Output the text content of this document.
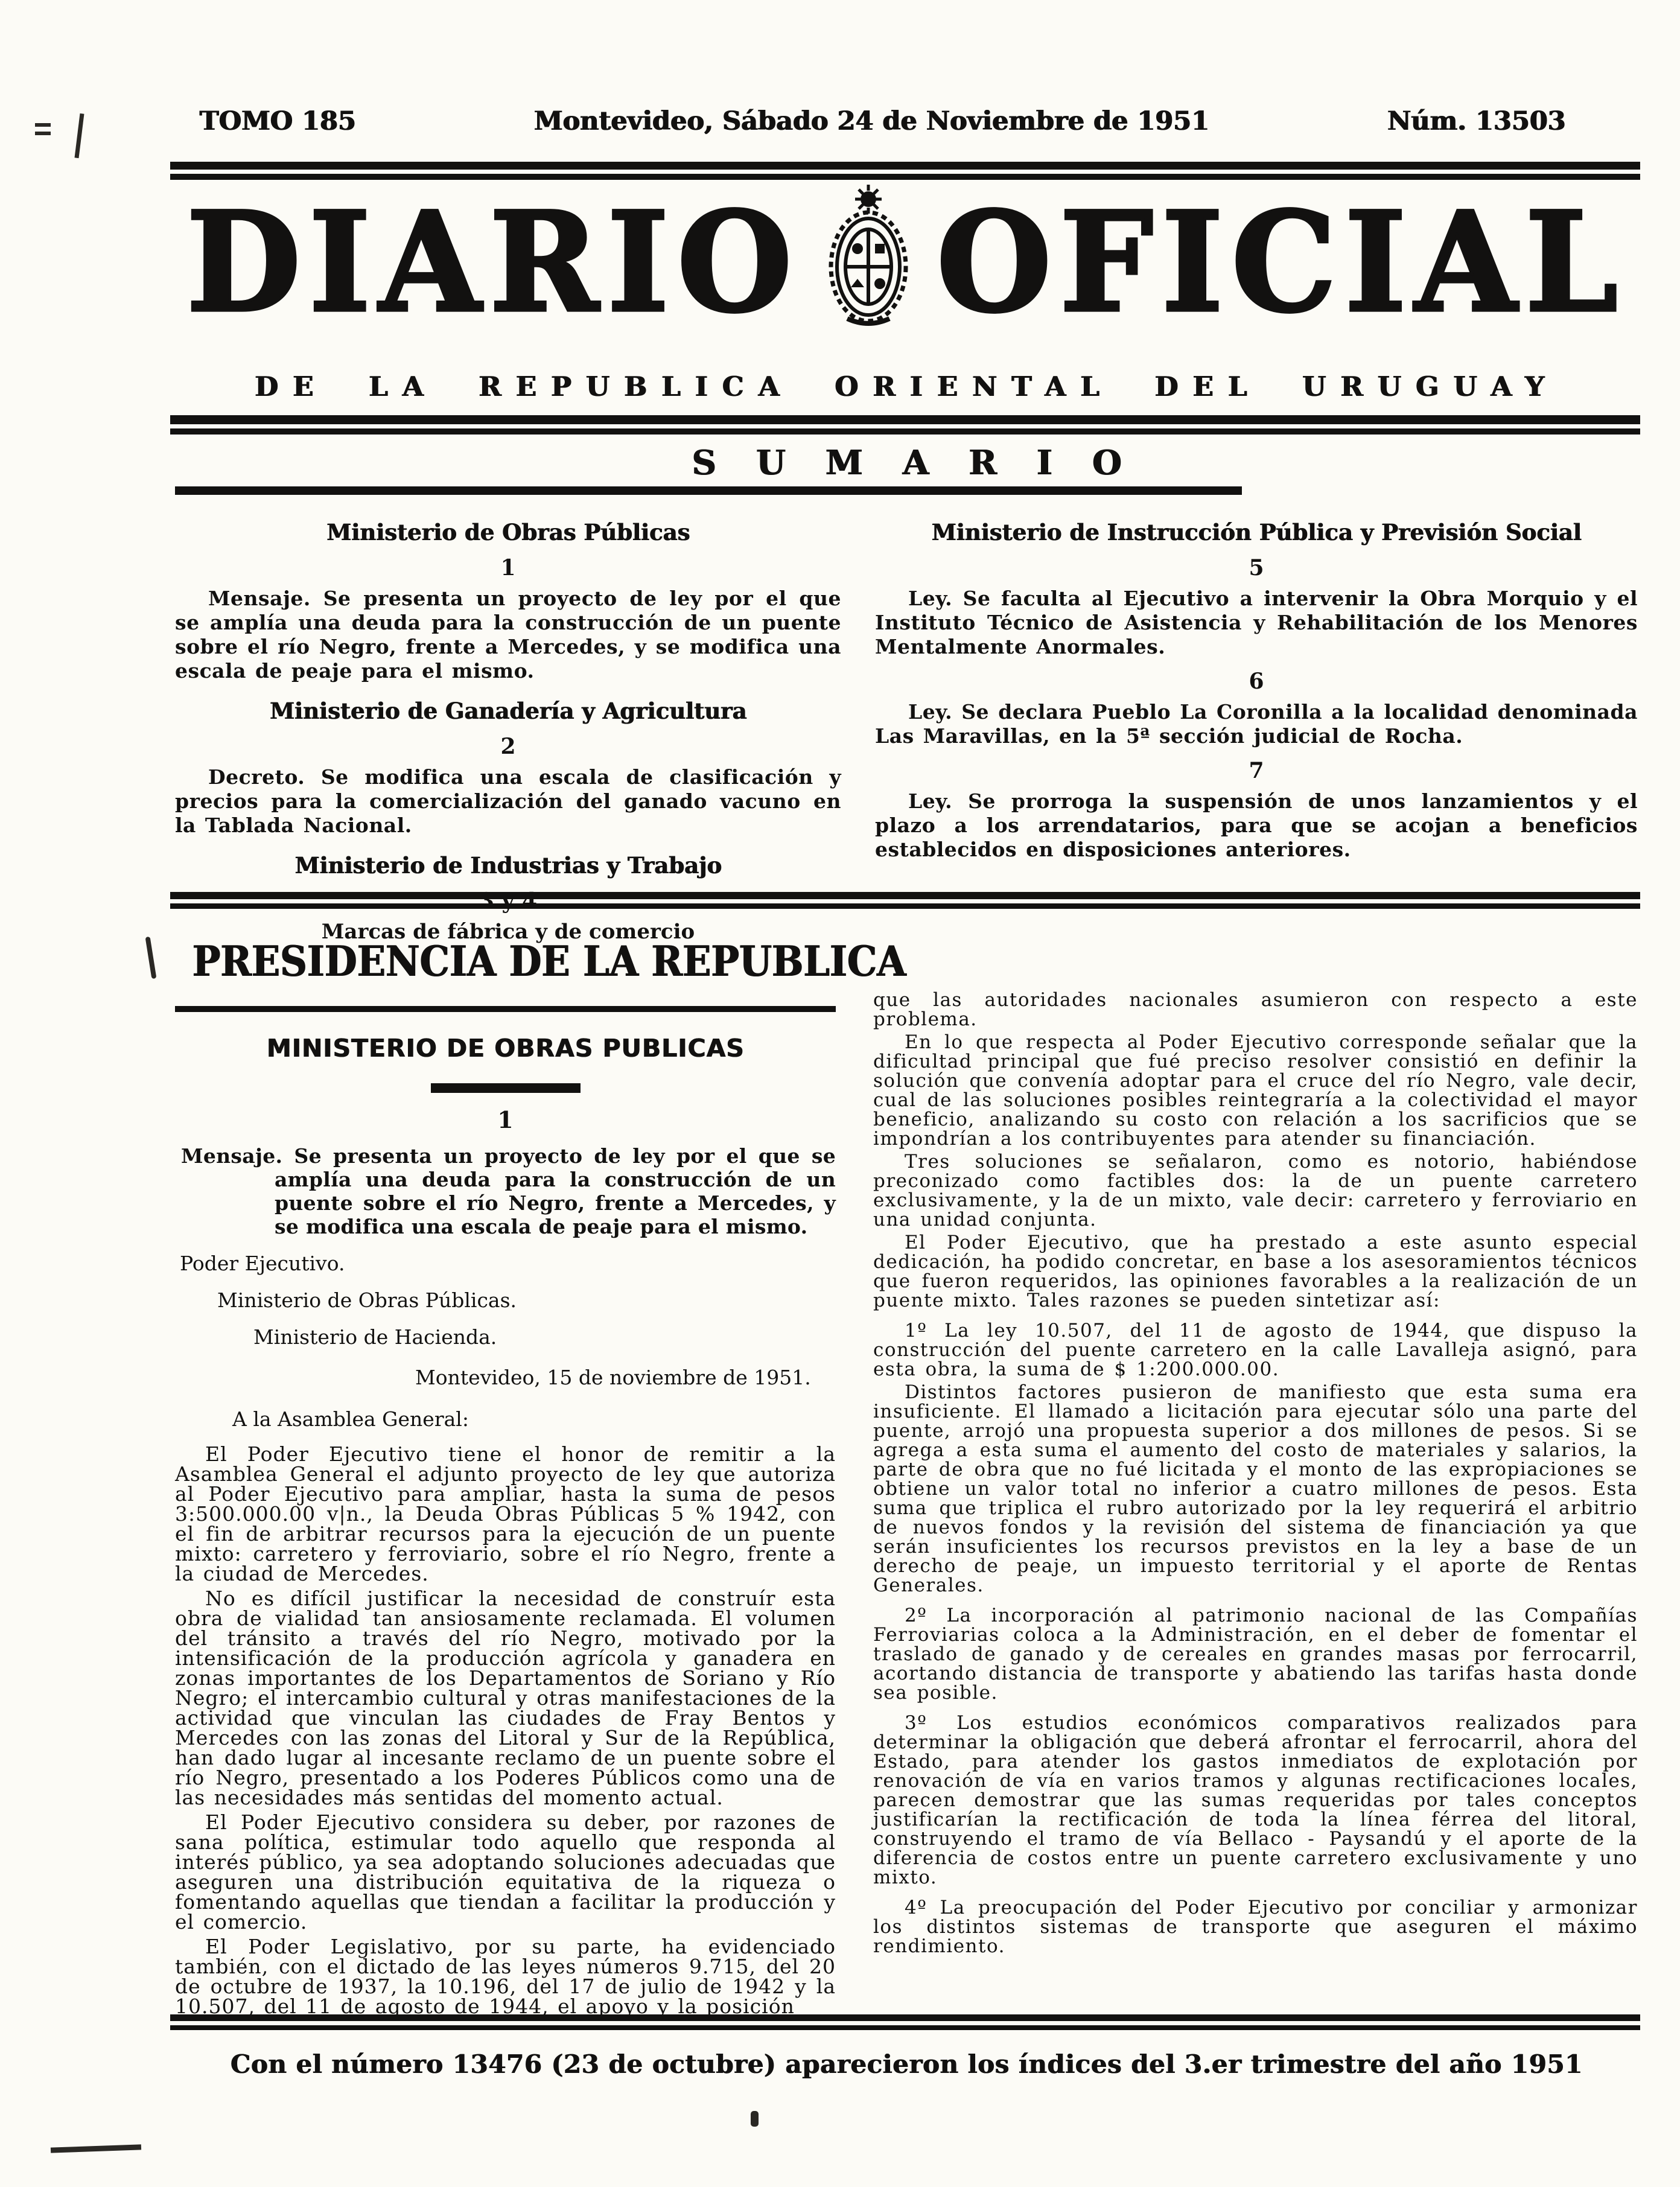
TOMO 185	Montevideo, Sábado 24 de Noviembre de 1951	Núm. 13503
DIARIO OFICIAL
DE LA REPUBLICA ORIENTAL DEL URUGUAY
SUMARIO
Ministerio de Obras Públicas
1

Mensaje. Se presenta un proyecto de ley por el que se amplía una deuda para la construcción de un puente sobre el río Negro, frente a Mercedes, y se modifica una escala de peaje para el mismo.

Ministerio de Ganadería y Agricultura
2

Decreto. Se modifica una escala de clasificación y precios para la comercialización del ganado vacuno en la Tablada Nacional.

Ministerio de Industrias y Trabajo
3 y 4
Marcas de fábrica y de comercio
Ministerio de Instrucción Pública y Previsión Social
5

Ley. Se faculta al Ejecutivo a intervenir la Obra Morquio y el Instituto Técnico de Asistencia y Rehabilitación de los Menores Mentalmente Anormales.

6

Ley. Se declara Pueblo La Coronilla a la localidad denominada Las Maravillas, en la 5ª sección judicial de Rocha.

7

Ley. Se prorroga la suspensión de unos lanzamientos y el plazo a los arrendatarios, para que se acojan a beneficios establecidos en disposiciones anteriores.

PRESIDENCIA DE LA REPUBLICA
MINISTERIO DE OBRAS PUBLICAS
1

Mensaje. Se presenta un proyecto de ley por el que se amplía una deuda para la construcción de un puente sobre el río Negro, frente a Mercedes, y se modifica una escala de peaje para el mismo.

Poder Ejecutivo.
Ministerio de Obras Públicas.
Ministerio de Hacienda.
Montevideo, 15 de noviembre de 1951.
A la Asamblea General:

El Poder Ejecutivo tiene el honor de remitir a la Asamblea General el adjunto proyecto de ley que autoriza al Poder Ejecutivo para ampliar, hasta la suma de pesos 3:500.000.00 v|n., la Deuda Obras Públicas 5 % 1942, con el fin de arbitrar recursos para la ejecución de un puente mixto: carretero y ferroviario, sobre el río Negro, frente a la ciudad de Mercedes.

No es difícil justificar la necesidad de construír esta obra de vialidad tan ansiosamente reclamada. El volumen del tránsito a través del río Negro, motivado por la intensificación de la producción agrícola y ganadera en zonas importantes de los Departamentos de Soriano y Río Negro; el intercambio cultural y otras manifestaciones de la actividad que vinculan las ciudades de Fray Bentos y Mercedes con las zonas del Litoral y Sur de la República, han dado lugar al incesante reclamo de un puente sobre el río Negro, presentado a los Poderes Públicos como una de las necesidades más sentidas del momento actual.

El Poder Ejecutivo considera su deber, por razones de sana política, estimular todo aquello que responda al interés público, ya sea adoptando soluciones adecuadas que aseguren una distribución equitativa de la riqueza o fomentando aquellas que tiendan a facilitar la producción y el comercio.

El Poder Legislativo, por su parte, ha evidenciado también, con el dictado de las leyes números 9.715, del 20 de octubre de 1937, la 10.196, del 17 de julio de 1942 y la 10.507, del 11 de agosto de 1944, el apoyo y la posición

que las autoridades nacionales asumieron con respecto a este problema.

En lo que respecta al Poder Ejecutivo corresponde señalar que la dificultad principal que fué preciso resolver consistió en definir la solución que convenía adoptar para el cruce del río Negro, vale decir, cual de las soluciones posibles reintegraría a la colectividad el mayor beneficio, analizando su costo con relación a los sacrificios que se impondrían a los contribuyentes para atender su financiación.

Tres soluciones se señalaron, como es notorio, habiéndose preconizado como factibles dos: la de un puente carretero exclusivamente, y la de un mixto, vale decir: carretero y ferroviario en una unidad conjunta.

El Poder Ejecutivo, que ha prestado a este asunto especial dedicación, ha podido concretar, en base a los asesoramientos técnicos que fueron requeridos, las opiniones favorables a la realización de un puente mixto. Tales razones se pueden sintetizar así:

1º La ley 10.507, del 11 de agosto de 1944, que dispuso la construcción del puente carretero en la calle Lavalleja asignó, para esta obra, la suma de $ 1:200.000.00.

Distintos factores pusieron de manifiesto que esta suma era insuficiente. El llamado a licitación para ejecutar sólo una parte del puente, arrojó una propuesta superior a dos millones de pesos. Si se agrega a esta suma el aumento del costo de materiales y salarios, la parte de obra que no fué licitada y el monto de las expropiaciones se obtiene un valor total no inferior a cuatro millones de pesos. Esta suma que triplica el rubro autorizado por la ley requerirá el arbitrio de nuevos fondos y la revisión del sistema de financiación ya que serán insuficientes los recursos previstos en la ley a base de un derecho de peaje, un impuesto territorial y el aporte de Rentas Generales.

2º La incorporación al patrimonio nacional de las Compañías Ferroviarias coloca a la Administración, en el deber de fomentar el traslado de ganado y de cereales en grandes masas por ferrocarril, acortando distancia de transporte y abatiendo las tarifas hasta donde sea posible.

3º Los estudios económicos comparativos realizados para determinar la obligación que deberá afrontar el ferrocarril, ahora del Estado, para atender los gastos inmediatos de explotación por renovación de vía en varios tramos y algunas rectificaciones locales, parecen demostrar que las sumas requeridas por tales conceptos justificarían la rectificación de toda la línea férrea del litoral, construyendo el tramo de vía Bellaco - Paysandú y el aporte de la diferencia de costos entre un puente carretero exclusivamente y uno mixto.

4º La preocupación del Poder Ejecutivo por conciliar y armonizar los distintos sistemas de transporte que aseguren el máximo rendimiento.

Con el número 13476 (23 de octubre) aparecieron los índices del 3.er trimestre del año 1951
